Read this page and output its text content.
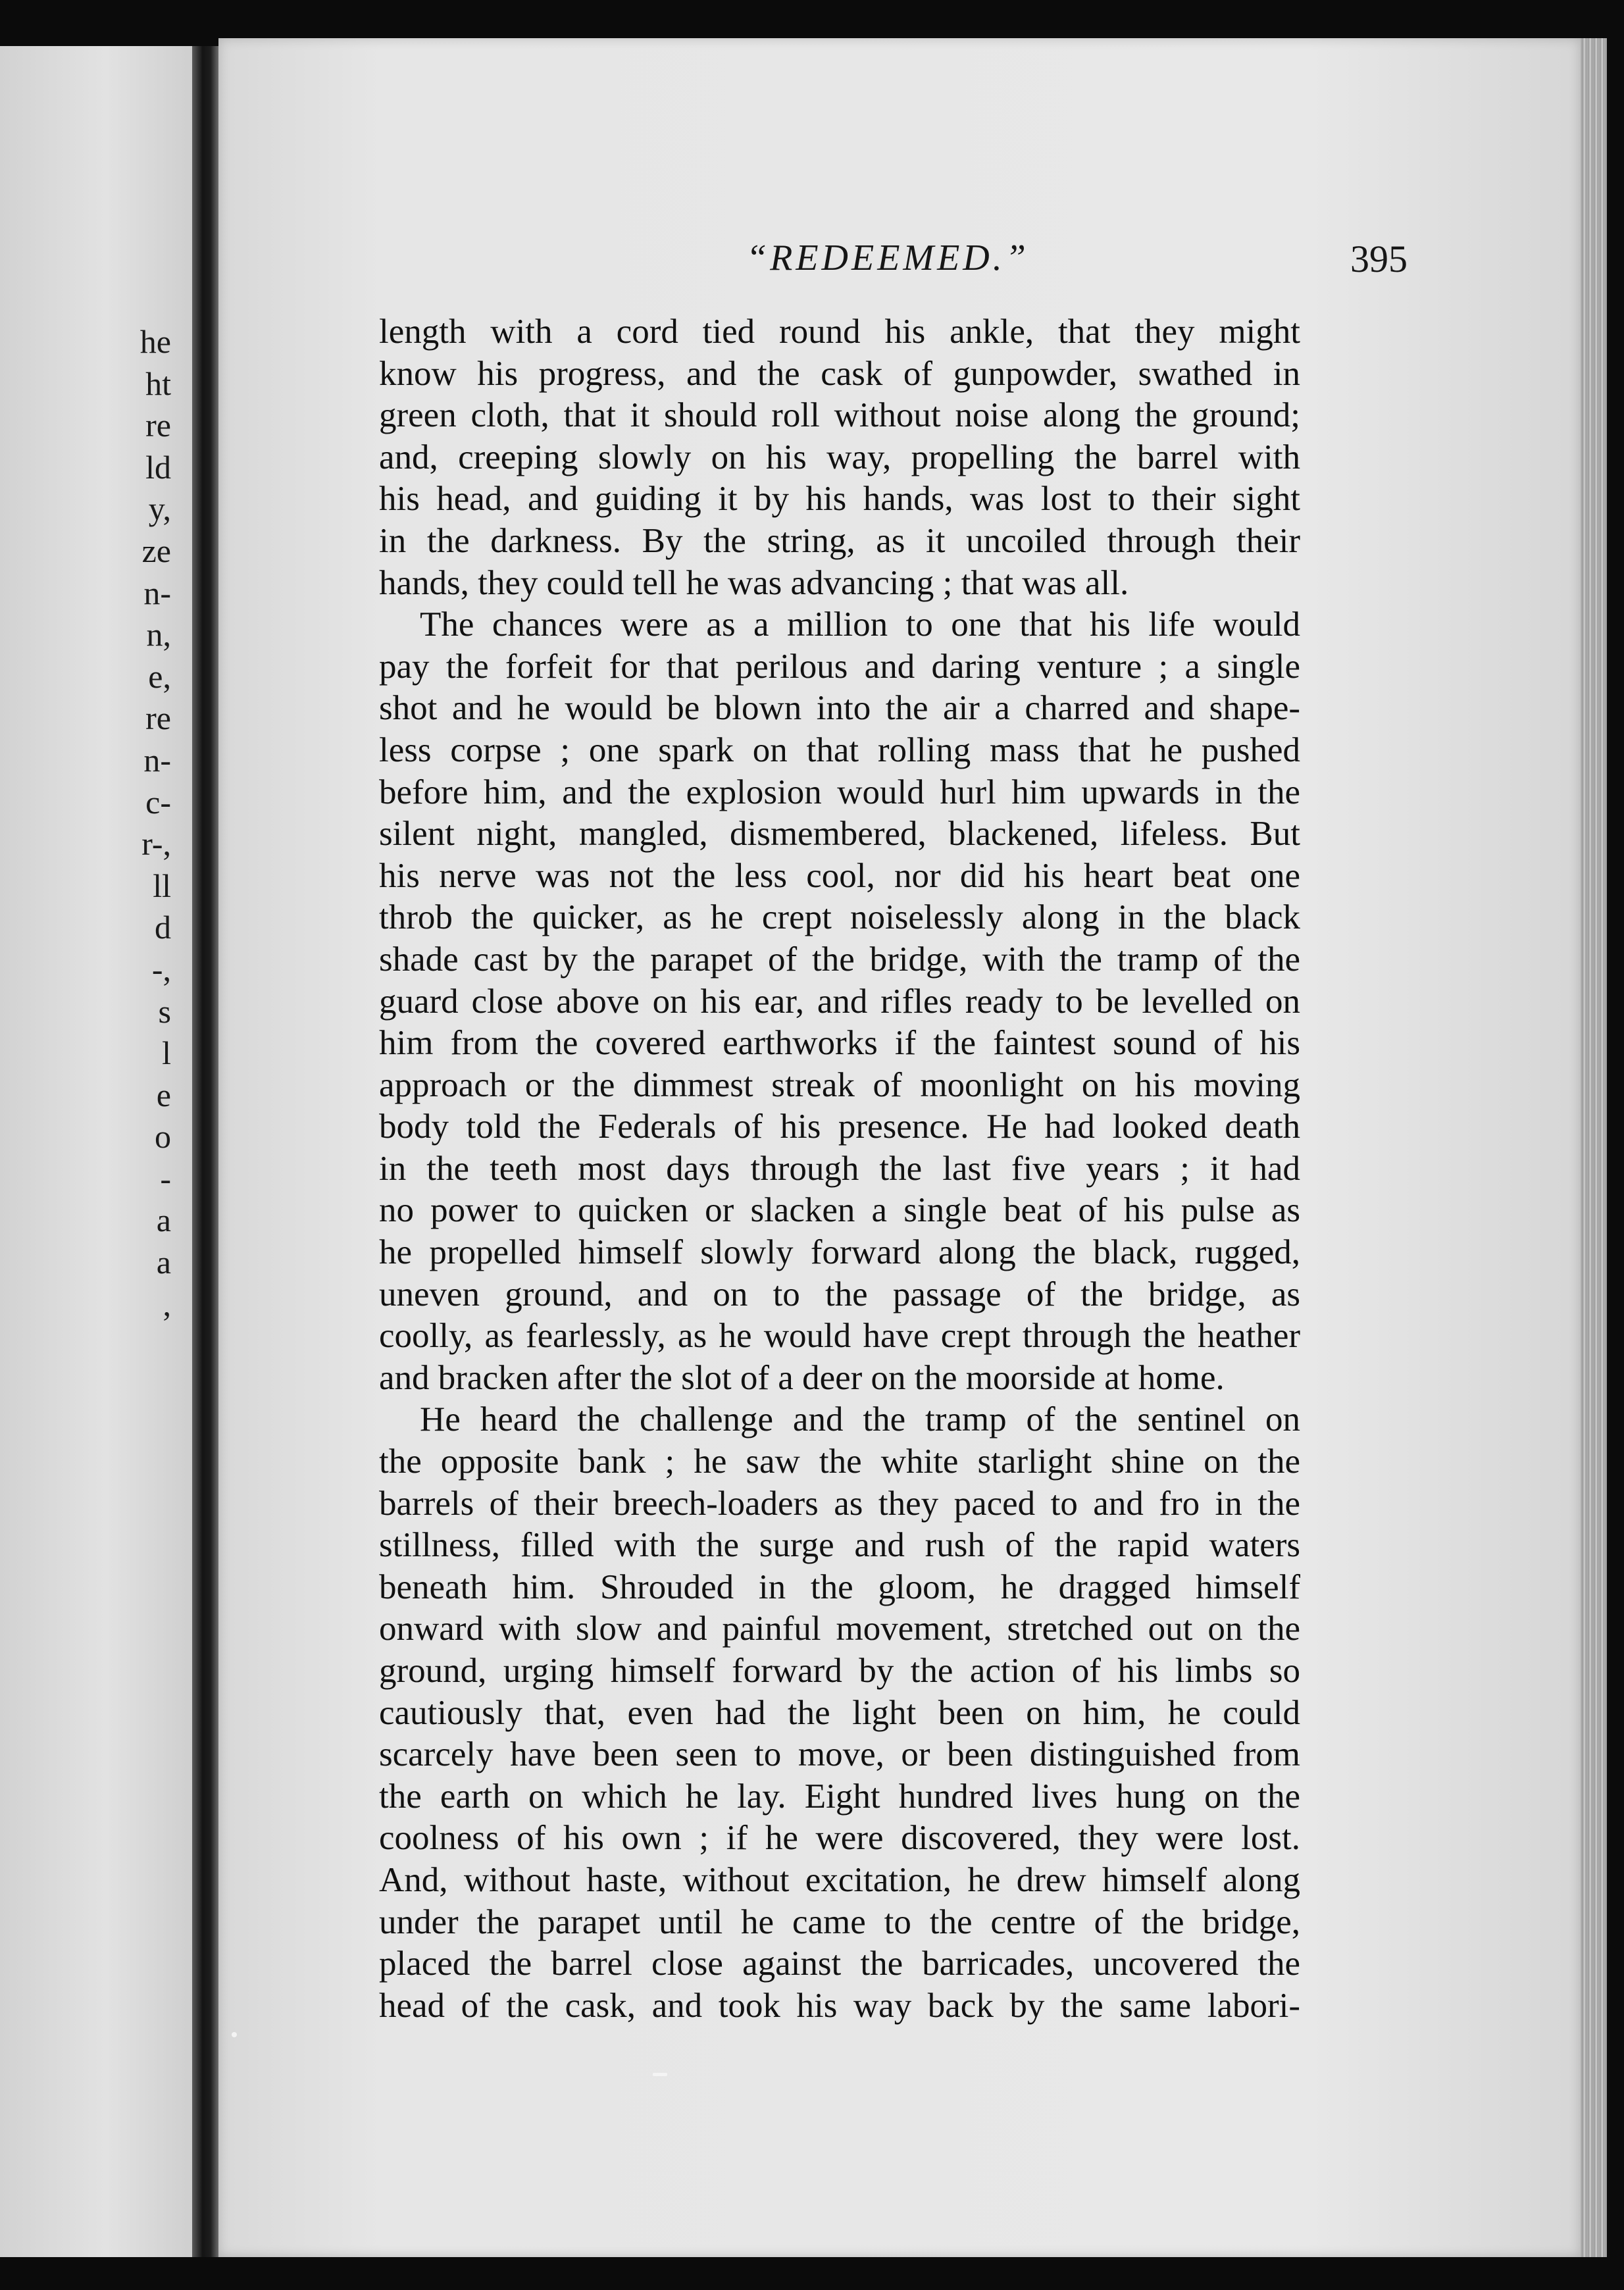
he
ht
re
ld
y,
ze
n-
n,
e,
re
n-
c-
r-,
ll
d
-,
s
l
e
o
-
a
a
,
“REDEEMED.”	395
length with a cord tied round his ankle, that they might
know his progress, and the cask of gunpowder, swathed in
green cloth, that it should roll without noise along the ground;
and, creeping slowly on his way, propelling the barrel with
his head, and guiding it by his hands, was lost to their sight
in the darkness. By the string, as it uncoiled through their
hands, they could tell he was advancing ; that was all.
The chances were as a million to one that his life would
pay the forfeit for that perilous and daring venture ; a single
shot and he would be blown into the air a charred and shape-
less corpse ; one spark on that rolling mass that he pushed
before him, and the explosion would hurl him upwards in the
silent night, mangled, dismembered, blackened, lifeless. But
his nerve was not the less cool, nor did his heart beat one
throb the quicker, as he crept noiselessly along in the black
shade cast by the parapet of the bridge, with the tramp of the
guard close above on his ear, and rifles ready to be levelled on
him from the covered earthworks if the faintest sound of his
approach or the dimmest streak of moonlight on his moving
body told the Federals of his presence. He had looked death
in the teeth most days through the last five years ; it had
no power to quicken or slacken a single beat of his pulse as
he propelled himself slowly forward along the black, rugged,
uneven ground, and on to the passage of the bridge, as
coolly, as fearlessly, as he would have crept through the heather
and bracken after the slot of a deer on the moorside at home.
He heard the challenge and the tramp of the sentinel on
the opposite bank ; he saw the white starlight shine on the
barrels of their breech-loaders as they paced to and fro in the
stillness, filled with the surge and rush of the rapid waters
beneath him. Shrouded in the gloom, he dragged himself
onward with slow and painful movement, stretched out on the
ground, urging himself forward by the action of his limbs so
cautiously that, even had the light been on him, he could
scarcely have been seen to move, or been distinguished from
the earth on which he lay. Eight hundred lives hung on the
coolness of his own ; if he were discovered, they were lost.
And, without haste, without excitation, he drew himself along
under the parapet until he came to the centre of the bridge,
placed the barrel close against the barricades, uncovered the
head of the cask, and took his way back by the same labori-
